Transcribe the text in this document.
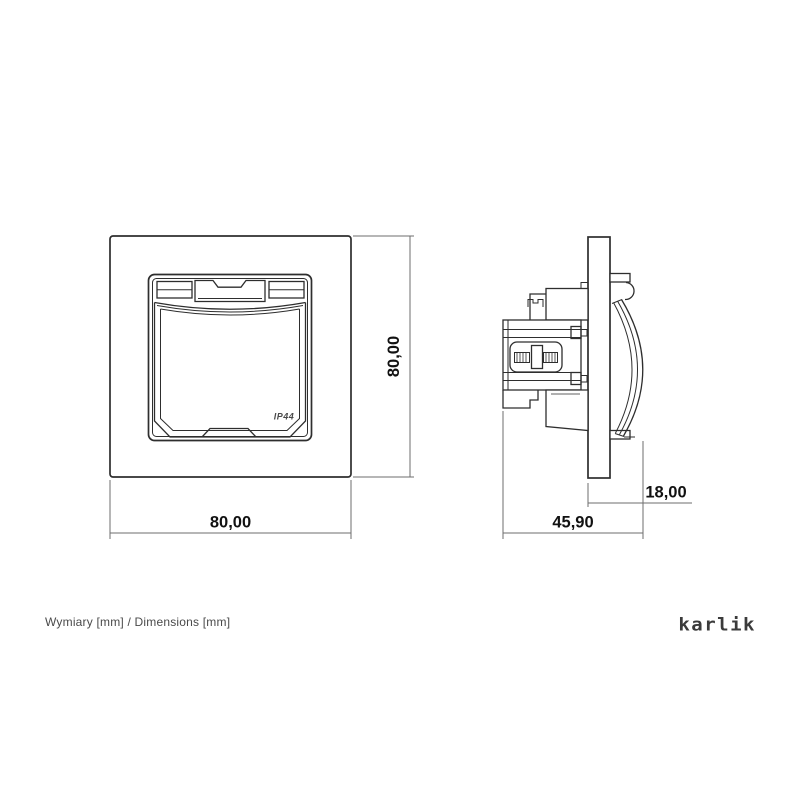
IP44
80,00
80,00	45,90
18,00
Wymiary [mm] / Dimensions [mm]	karlik
